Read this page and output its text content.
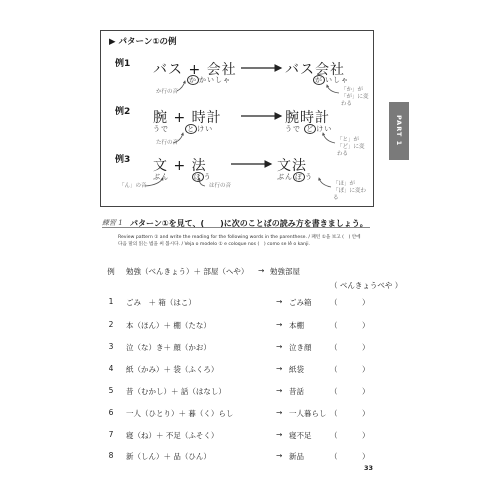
▶ パターン①の例
例1 バス + 会社
か かいしゃ
バス会社
が いしゃ
か行の音	「か」が「が」に変わる
例2 腕 + 時計
うで	と けい
腕時計
うで ど けい
た行の音	「と」が「ど」に変わる
例3 文 + 法
ぶん	ほ う
文法
ぶん ぽ う
「ん」の音	は行の音	「ほ」が「ぽ」に変わる
PART 1
練習 1 パターン①を見て、(　　)に次のことばの読み方を書きましょう。
Review pattern ① and write the reading for the following words in the parenthese. / 패턴 ①을 보고 (　) 안에 다음 말의 읽는 법을 써 봅시다. / Veja o modelo ① e coloque nos (　) como se lê o kanji.
例	勉強（べんきょう）＋ 部屋（へや） → 勉強部屋
（ べんきょうべや ）
1	ごみ　＋ 箱（はこ）	→ ごみ箱 （	）
2	本（ほん）＋ 棚（たな）	→ 本棚	（	）
3	泣（な）き＋ 顔（かお）	→ 泣き顔 （	）
4	紙（かみ）＋ 袋（ふくろ）	→ 紙袋	（	）
5	昔（むかし）＋ 話（はなし）	→ 昔話	（	）
6	一人（ひとり）＋ 暮（く）らし	→ 一人暮らし （	）
7	寝（ね）＋ 不足（ふそく）	→ 寝不足 （	）
8	新（しん）＋ 品（ひん）	→ 新品	（	）
33
